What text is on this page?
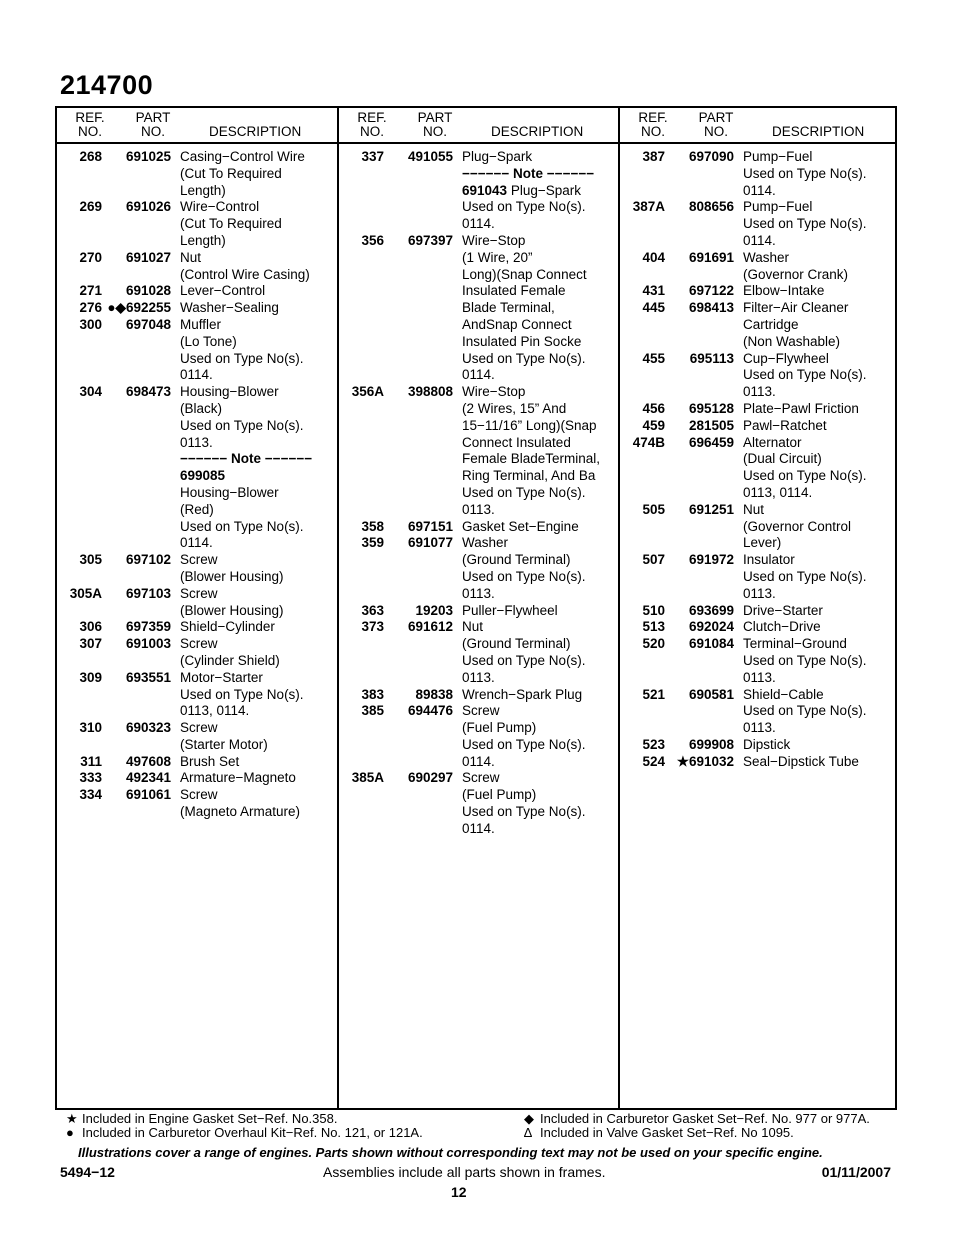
214700
REF.
NO.
PART
NO.	DESCRIPTION
268 691025 Casing−Control Wire
(Cut To Required
Length)
269 691026 Wire−Control
(Cut To Required
Length)
270 691027 Nut
(Control Wire Casing)
271 691028 Lever−Control
276 ●◆692255 Washer−Sealing
300 697048 Muffler
(Lo Tone)
Used on Type No(s).
0114.
304 698473 Housing−Blower
(Black)
Used on Type No(s).
0113.
−−−−−− Note −−−−−−
699085
Housing−Blower
(Red)
Used on Type No(s).
0114.
305 697102 Screw
(Blower Housing)
305A 697103 Screw
(Blower Housing)
306 697359 Shield−Cylinder
307 691003 Screw
(Cylinder Shield)
309 693551 Motor−Starter
Used on Type No(s).
0113, 0114.
310 690323 Screw
(Starter Motor)
311 497608 Brush Set
333 492341 Armature−Magneto
334 691061 Screw
(Magneto Armature)
REF.
NO.
PART
NO.	DESCRIPTION
337 491055 Plug−Spark
−−−−−− Note −−−−−−
691043 Plug−Spark
Used on Type No(s).
0114.
356 697397 Wire−Stop
(1 Wire, 20”
Long)(Snap Connect
Insulated Female
Blade Terminal,
AndSnap Connect
Insulated Pin Socke
Used on Type No(s).
0114.
356A 398808 Wire−Stop
(2 Wires, 15” And
15−11/16” Long)(Snap
Connect Insulated
Female BladeTerminal,
Ring Terminal, And Ba
Used on Type No(s).
0113.
358 697151 Gasket Set−Engine
359 691077 Washer
(Ground Terminal)
Used on Type No(s).
0113.
363 19203 Puller−Flywheel
373 691612 Nut
(Ground Terminal)
Used on Type No(s).
0113.
383 89838 Wrench−Spark Plug
385 694476 Screw
(Fuel Pump)
Used on Type No(s).
0114.
385A 690297 Screw
(Fuel Pump)
Used on Type No(s).
0114.
REF.
NO.
PART
NO.	DESCRIPTION
387 697090 Pump−Fuel
Used on Type No(s).
0114.
387A 808656 Pump−Fuel
Used on Type No(s).
0114.
404 691691 Washer
(Governor Crank)
431 697122 Elbow−Intake
445 698413 Filter−Air Cleaner
Cartridge
(Non Washable)
455 695113 Cup−Flywheel
Used on Type No(s).
0113.
456 695128 Plate−Pawl Friction
459 281505 Pawl−Ratchet
474B 696459 Alternator
(Dual Circuit)
Used on Type No(s).
0113, 0114.
505 691251 Nut
(Governor Control
Lever)
507 691972 Insulator
Used on Type No(s).
0113.
510 693699 Drive−Starter
513 692024 Clutch−Drive
520 691084 Terminal−Ground
Used on Type No(s).
0113.
521 690581 Shield−Cable
Used on Type No(s).
0113.
523 699908 Dipstick
524 ★691032 Seal−Dipstick Tube
★ Included in Engine Gasket Set−Ref. No.358.
● Included in Carburetor Overhaul Kit−Ref. No. 121, or 121A.
◆ Included in Carburetor Gasket Set−Ref. No. 977 or 977A.
∆ Included in Valve Gasket Set−Ref. No 1095.
Illustrations cover a range of engines. Parts shown without corresponding text may not be used on your specific engine.
5494−12	Assemblies include all parts shown in frames.	01/11/2007
12
